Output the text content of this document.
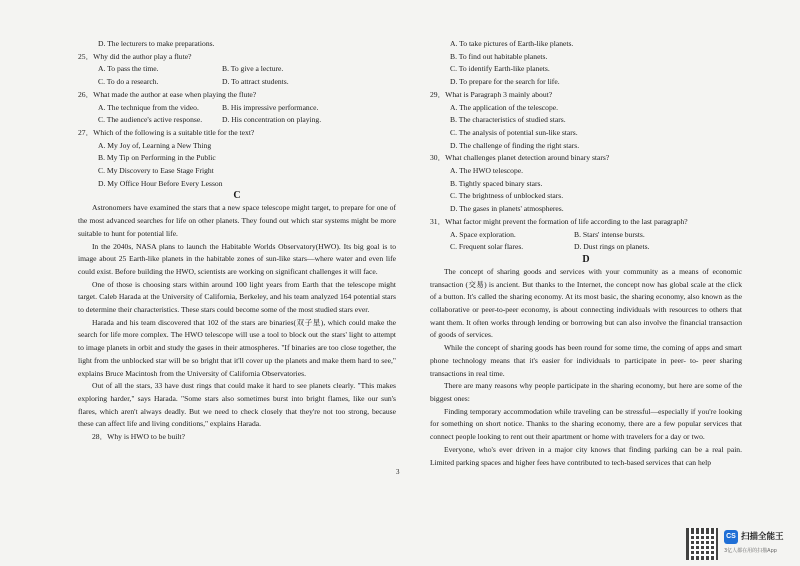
D. The lecturers to make preparations.

25．Why did the author play a flute?

A. To pass the time.	B. To give a lecture.
C. To do a research.	D. To attract students.

26．What made the author at ease when playing the flute?

A. The technique from the video.	B. His impressive performance.
C. The audience's active response.	D. His concentration on playing.

27．Which of the following is a suitable title for the text?

A. My Joy of, Learning a New Thing

B. My Tip on Performing in the Public

C. My Discovery to Ease Stage Fright

D. My Office Hour Before Every Lesson

C

Astronomers have examined the stars that a new space telescope might target, to prepare for one of the most advanced searches for life on other planets. They found out which star systems might be more suitable to hunt for potential life.

In the 2040s, NASA plans to launch the Habitable Worlds Observatory(HWO). Its big goal is to image about 25 Earth-like planets in the habitable zones of sun-like stars—where water and even life could exist. Before building the HWO, scientists are working on significant challenges it will face.

One of those is choosing stars within around 100 light years from Earth that the telescope might target. Caleb Harada at the University of California, Berkeley, and his team analyzed 164 potential stars to determine their characteristics. These stars could become some of the most studied stars ever.

Harada and his team discovered that 102 of the stars are binaries(双子星), which could make the search for life more complex. The HWO telescope will use a tool to block out the stars' light to attempt to image planets in orbit and study the gases in their atmospheres. "If binaries are too close together, the light from the unblocked star will be so bright that it'll cover up the planets and make them hard to see," explains Bruce Macintosh from the University of California Observatories.

Out of all the stars, 33 have dust rings that could make it hard to see planets clearly. "This makes exploring harder," says Harada. "Some stars also sometimes burst into bright flames, like our sun's flares, which aren't always deadly. But we need to check closely that they're not too strong, because these can affect life and living conditions," explains Harada.

28．Why is HWO to be built?

A. To take pictures of Earth-like planets.

B. To find out habitable planets.

C. To identify Earth-like planets.

D. To prepare for the search for life.

29．What is Paragraph 3 mainly about?

A. The application of the telescope.

B. The characteristics of studied stars.

C. The analysis of potential sun-like stars.

D. The challenge of finding the right stars.

30．What challenges planet detection around binary stars?

A. The HWO telescope.

B. Tightly spaced binary stars.

C. The brightness of unblocked stars.

D. The gases in planets' atmospheres.

31．What factor might prevent the formation of life according to the last paragraph?

A. Space exploration.	B. Stars' intense bursts.
C. Frequent solar flares.	D. Dust rings on planets.

D

The concept of sharing goods and services with your community as a means of economic transaction (交易) is ancient. But thanks to the Internet, the concept now has global scale at the click of a button. It's called the sharing economy. At its most basic, the sharing economy, also known as the collaborative or peer-to-peer economy, is about connecting individuals with resources to others that want them. It often works through lending or borrowing but can also involve the financial transaction of goods of services.

While the concept of sharing goods has been round for some time, the coming of apps and smart phone technology means that it's easier for individuals to participate in peer- to- peer sharing transactions in real time.

There are many reasons why people participate in the sharing economy, but here are some of the biggest ones:

Finding temporary accommodation while traveling can be stressful—especially if you're looking for something on short notice. Thanks to the sharing economy, there are a few popular services that connect people looking to rent out their apartment or home with travelers for a day or two.

Everyone, who's ever driven in a major city knows that finding parking can be a real pain. Limited parking spaces and higher fees have contributed to tech-based services that can help

3
CS 扫描全能王
3亿人都在用的扫描App
